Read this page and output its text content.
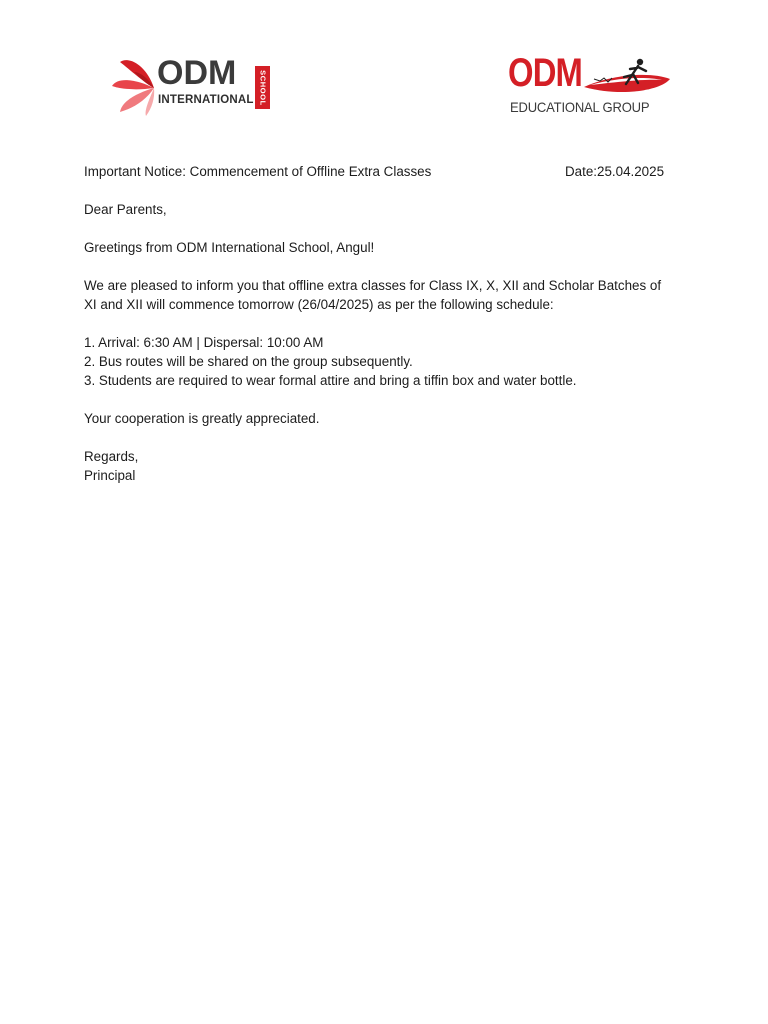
ODM
INTERNATIONAL SCHOOL	ODM
EDUCATIONAL GROUP
Important Notice: Commencement of Offline Extra Classes	Date:25.04.2025
Dear Parents,
Greetings from ODM International School, Angul!
We are pleased to inform you that offline extra classes for Class IX, X, XII and Scholar Batches of
XI and XII will commence tomorrow (26/04/2025) as per the following schedule:
1. Arrival: 6:30 AM | Dispersal: 10:00 AM
2. Bus routes will be shared on the group subsequently.
3. Students are required to wear formal attire and bring a tiffin box and water bottle.
Your cooperation is greatly appreciated.
Regards,
Principal
